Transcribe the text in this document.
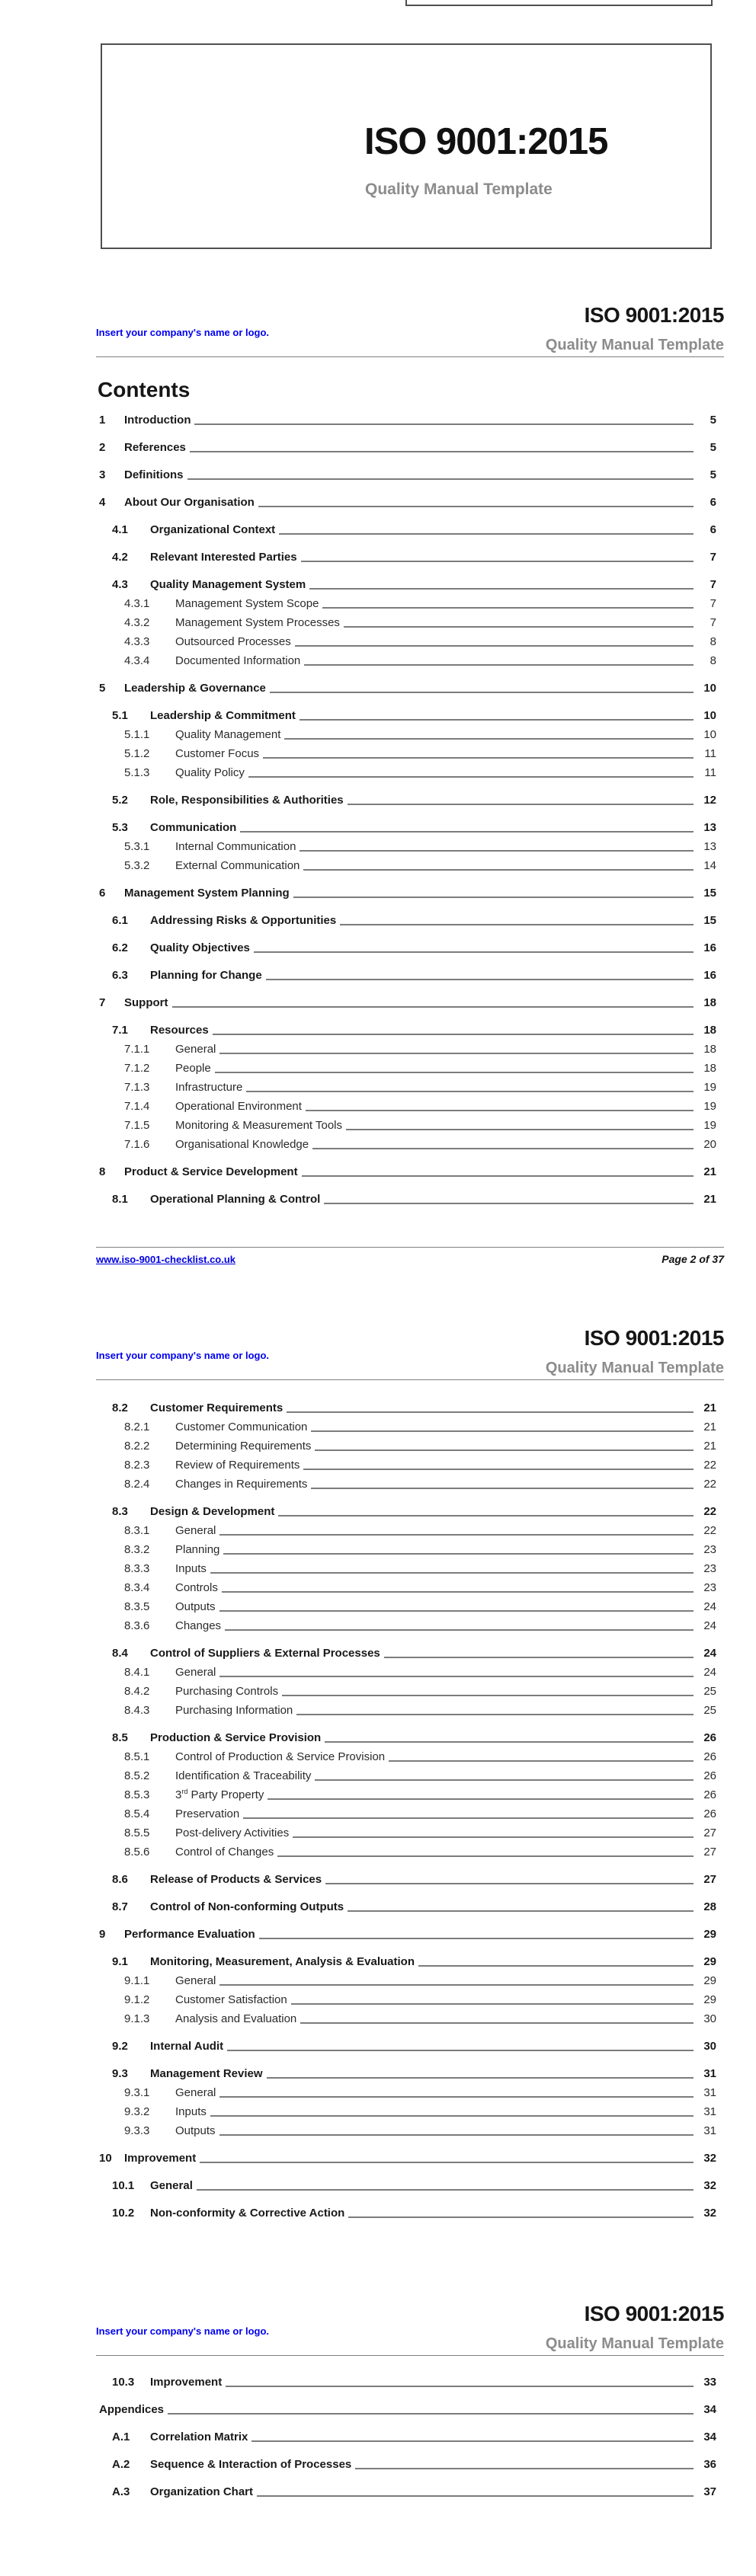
ISO 9001:2015
Quality Manual Template
ISO 9001:2015
Insert your company's name or logo.
Quality Manual Template
Contents
1	Introduction	5
2	References	5
3	Definitions	5
4	About Our Organisation	6
4.1	Organizational Context	6
4.2	Relevant Interested Parties	7
4.3	Quality Management System	7
4.3.1	Management System Scope	7
4.3.2	Management System Processes	7
4.3.3	Outsourced Processes	8
4.3.4	Documented Information	8
5	Leadership & Governance	10
5.1	Leadership & Commitment	10
5.1.1	Quality Management	10
5.1.2	Customer Focus	11
5.1.3	Quality Policy	11
5.2	Role, Responsibilities & Authorities	12
5.3	Communication	13
5.3.1	Internal Communication	13
5.3.2	External Communication	14
6	Management System Planning	15
6.1	Addressing Risks & Opportunities	15
6.2	Quality Objectives	16
6.3	Planning for Change	16
7	Support	18
7.1	Resources	18
7.1.1	General	18
7.1.2	People	18
7.1.3	Infrastructure	19
7.1.4	Operational Environment	19
7.1.5	Monitoring & Measurement Tools	19
7.1.6	Organisational Knowledge	20
8	Product & Service Development	21
8.1	Operational Planning & Control	21
www.iso-9001-checklist.co.uk	Page 2 of 37
ISO 9001:2015
Insert your company's name or logo.
Quality Manual Template
8.2	Customer Requirements	21
8.2.1	Customer Communication	21
8.2.2	Determining Requirements	21
8.2.3	Review of Requirements	22
8.2.4	Changes in Requirements	22
8.3	Design & Development	22
8.3.1	General	22
8.3.2	Planning	23
8.3.3	Inputs	23
8.3.4	Controls	23
8.3.5	Outputs	24
8.3.6	Changes	24
8.4	Control of Suppliers & External Processes	24
8.4.1	General	24
8.4.2	Purchasing Controls	25
8.4.3	Purchasing Information	25
8.5	Production & Service Provision	26
8.5.1	Control of Production & Service Provision	26
8.5.2	Identification & Traceability	26
8.5.3	3rd Party Property	26
8.5.4	Preservation	26
8.5.5	Post-delivery Activities	27
8.5.6	Control of Changes	27
8.6	Release of Products & Services	27
8.7	Control of Non-conforming Outputs	28
9	Performance Evaluation	29
9.1	Monitoring, Measurement, Analysis & Evaluation	29
9.1.1	General	29
9.1.2	Customer Satisfaction	29
9.1.3	Analysis and Evaluation	30
9.2	Internal Audit	30
9.3	Management Review	31
9.3.1	General	31
9.3.2	Inputs	31
9.3.3	Outputs	31
10	Improvement	32
10.1	General	32
10.2	Non-conformity & Corrective Action	32
ISO 9001:2015
Insert your company's name or logo.
Quality Manual Template
10.3	Improvement	33
Appendices	34
A.1	Correlation Matrix	34
A.2	Sequence & Interaction of Processes	36
A.3	Organization Chart	37
